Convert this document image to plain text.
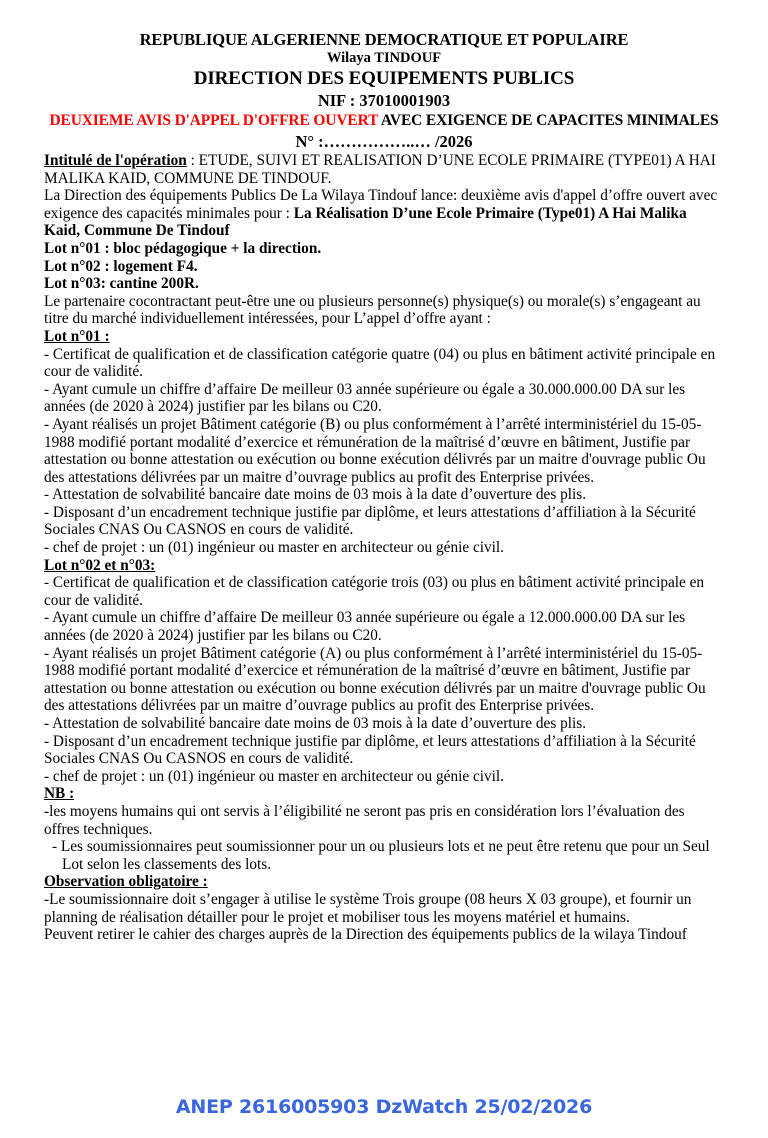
REPUBLIQUE ALGERIENNE DEMOCRATIQUE ET POPULAIRE
Wilaya TINDOUF
DIRECTION DES EQUIPEMENTS PUBLICS
NIF : 37010001903
DEUXIEME AVIS D'APPEL D'OFFRE OUVERT AVEC EXIGENCE DE CAPACITES MINIMALES
N° :……………..… /2026

Intitulé de l'opération : ETUDE, SUIVI ET REALISATION D’UNE ECOLE PRIMAIRE (TYPE01) A HAI MALIKA KAID, COMMUNE DE TINDOUF.

La Direction des équipements Publics De La Wilaya Tindouf lance: deuxième avis d'appel d’offre ouvert avec exigence des capacités minimales pour : La Réalisation D’une Ecole Primaire (Type01) A Hai Malika Kaid, Commune De Tindouf

Lot n°01 : bloc pédagogique + la direction.

Lot n°02 : logement F4.

Lot n°03: cantine 200R.

Le partenaire cocontractant peut-être une ou plusieurs personne(s) physique(s) ou morale(s) s’engageant au titre du marché individuellement intéressées, pour L’appel d’offre ayant :

Lot n°01 :

- Certificat de qualification et de classification catégorie quatre (04) ou plus en bâtiment activité principale en cour de validité.

- Ayant cumule un chiffre d’affaire De meilleur 03 année supérieure ou égale a 30.000.000.00 DA sur les années (de 2020 à 2024) justifier par les bilans ou C20.

- Ayant réalisés un projet Bâtiment catégorie (B) ou plus conformément à l’arrêté interministériel du 15-05-1988 modifié portant modalité d’exercice et rémunération de la maîtrisé d’œuvre en bâtiment, Justifie par attestation ou bonne attestation ou exécution ou bonne exécution délivrés par un maitre d'ouvrage public Ou des attestations délivrées par un maitre d’ouvrage publics au profit des Enterprise privées.

- Attestation de solvabilité bancaire date moins de 03 mois à la date d’ouverture des plis.

- Disposant d’un encadrement technique justifie par diplôme, et leurs attestations d’affiliation à la Sécurité Sociales CNAS Ou CASNOS en cours de validité.

- chef de projet : un (01) ingénieur ou master en architecteur ou génie civil.

Lot n°02 et n°03:

- Certificat de qualification et de classification catégorie trois (03) ou plus en bâtiment activité principale en cour de validité.

- Ayant cumule un chiffre d’affaire De meilleur 03 année supérieure ou égale a 12.000.000.00 DA sur les années (de 2020 à 2024) justifier par les bilans ou C20.

- Ayant réalisés un projet Bâtiment catégorie (A) ou plus conformément à l’arrêté interministériel du 15-05-1988 modifié portant modalité d’exercice et rémunération de la maîtrisé d’œuvre en bâtiment, Justifie par attestation ou bonne attestation ou exécution ou bonne exécution délivrés par un maitre d'ouvrage public Ou des attestations délivrées par un maitre d’ouvrage publics au profit des Enterprise privées.

- Attestation de solvabilité bancaire date moins de 03 mois à la date d’ouverture des plis.

- Disposant d’un encadrement technique justifie par diplôme, et leurs attestations d’affiliation à la Sécurité Sociales CNAS Ou CASNOS en cours de validité.

- chef de projet : un (01) ingénieur ou master en architecteur ou génie civil.

NB :

-les moyens humains qui ont servis à l’éligibilité ne seront pas pris en considération lors l’évaluation des offres techniques.

- Les soumissionnaires peut soumissionner pour un ou plusieurs lots et ne peut être retenu que pour un Seul Lot selon les classements des lots.

Observation obligatoire :

-Le soumissionnaire doit s’engager à utilise le système Trois groupe (08 heurs X 03 groupe), et fournir un planning de réalisation détailler pour le projet et mobiliser tous les moyens matériel et humains.

Peuvent retirer le cahier des charges auprès de la Direction des équipements publics de la wilaya Tindouf

ANEP 2616005903 DzWatch 25/02/2026
